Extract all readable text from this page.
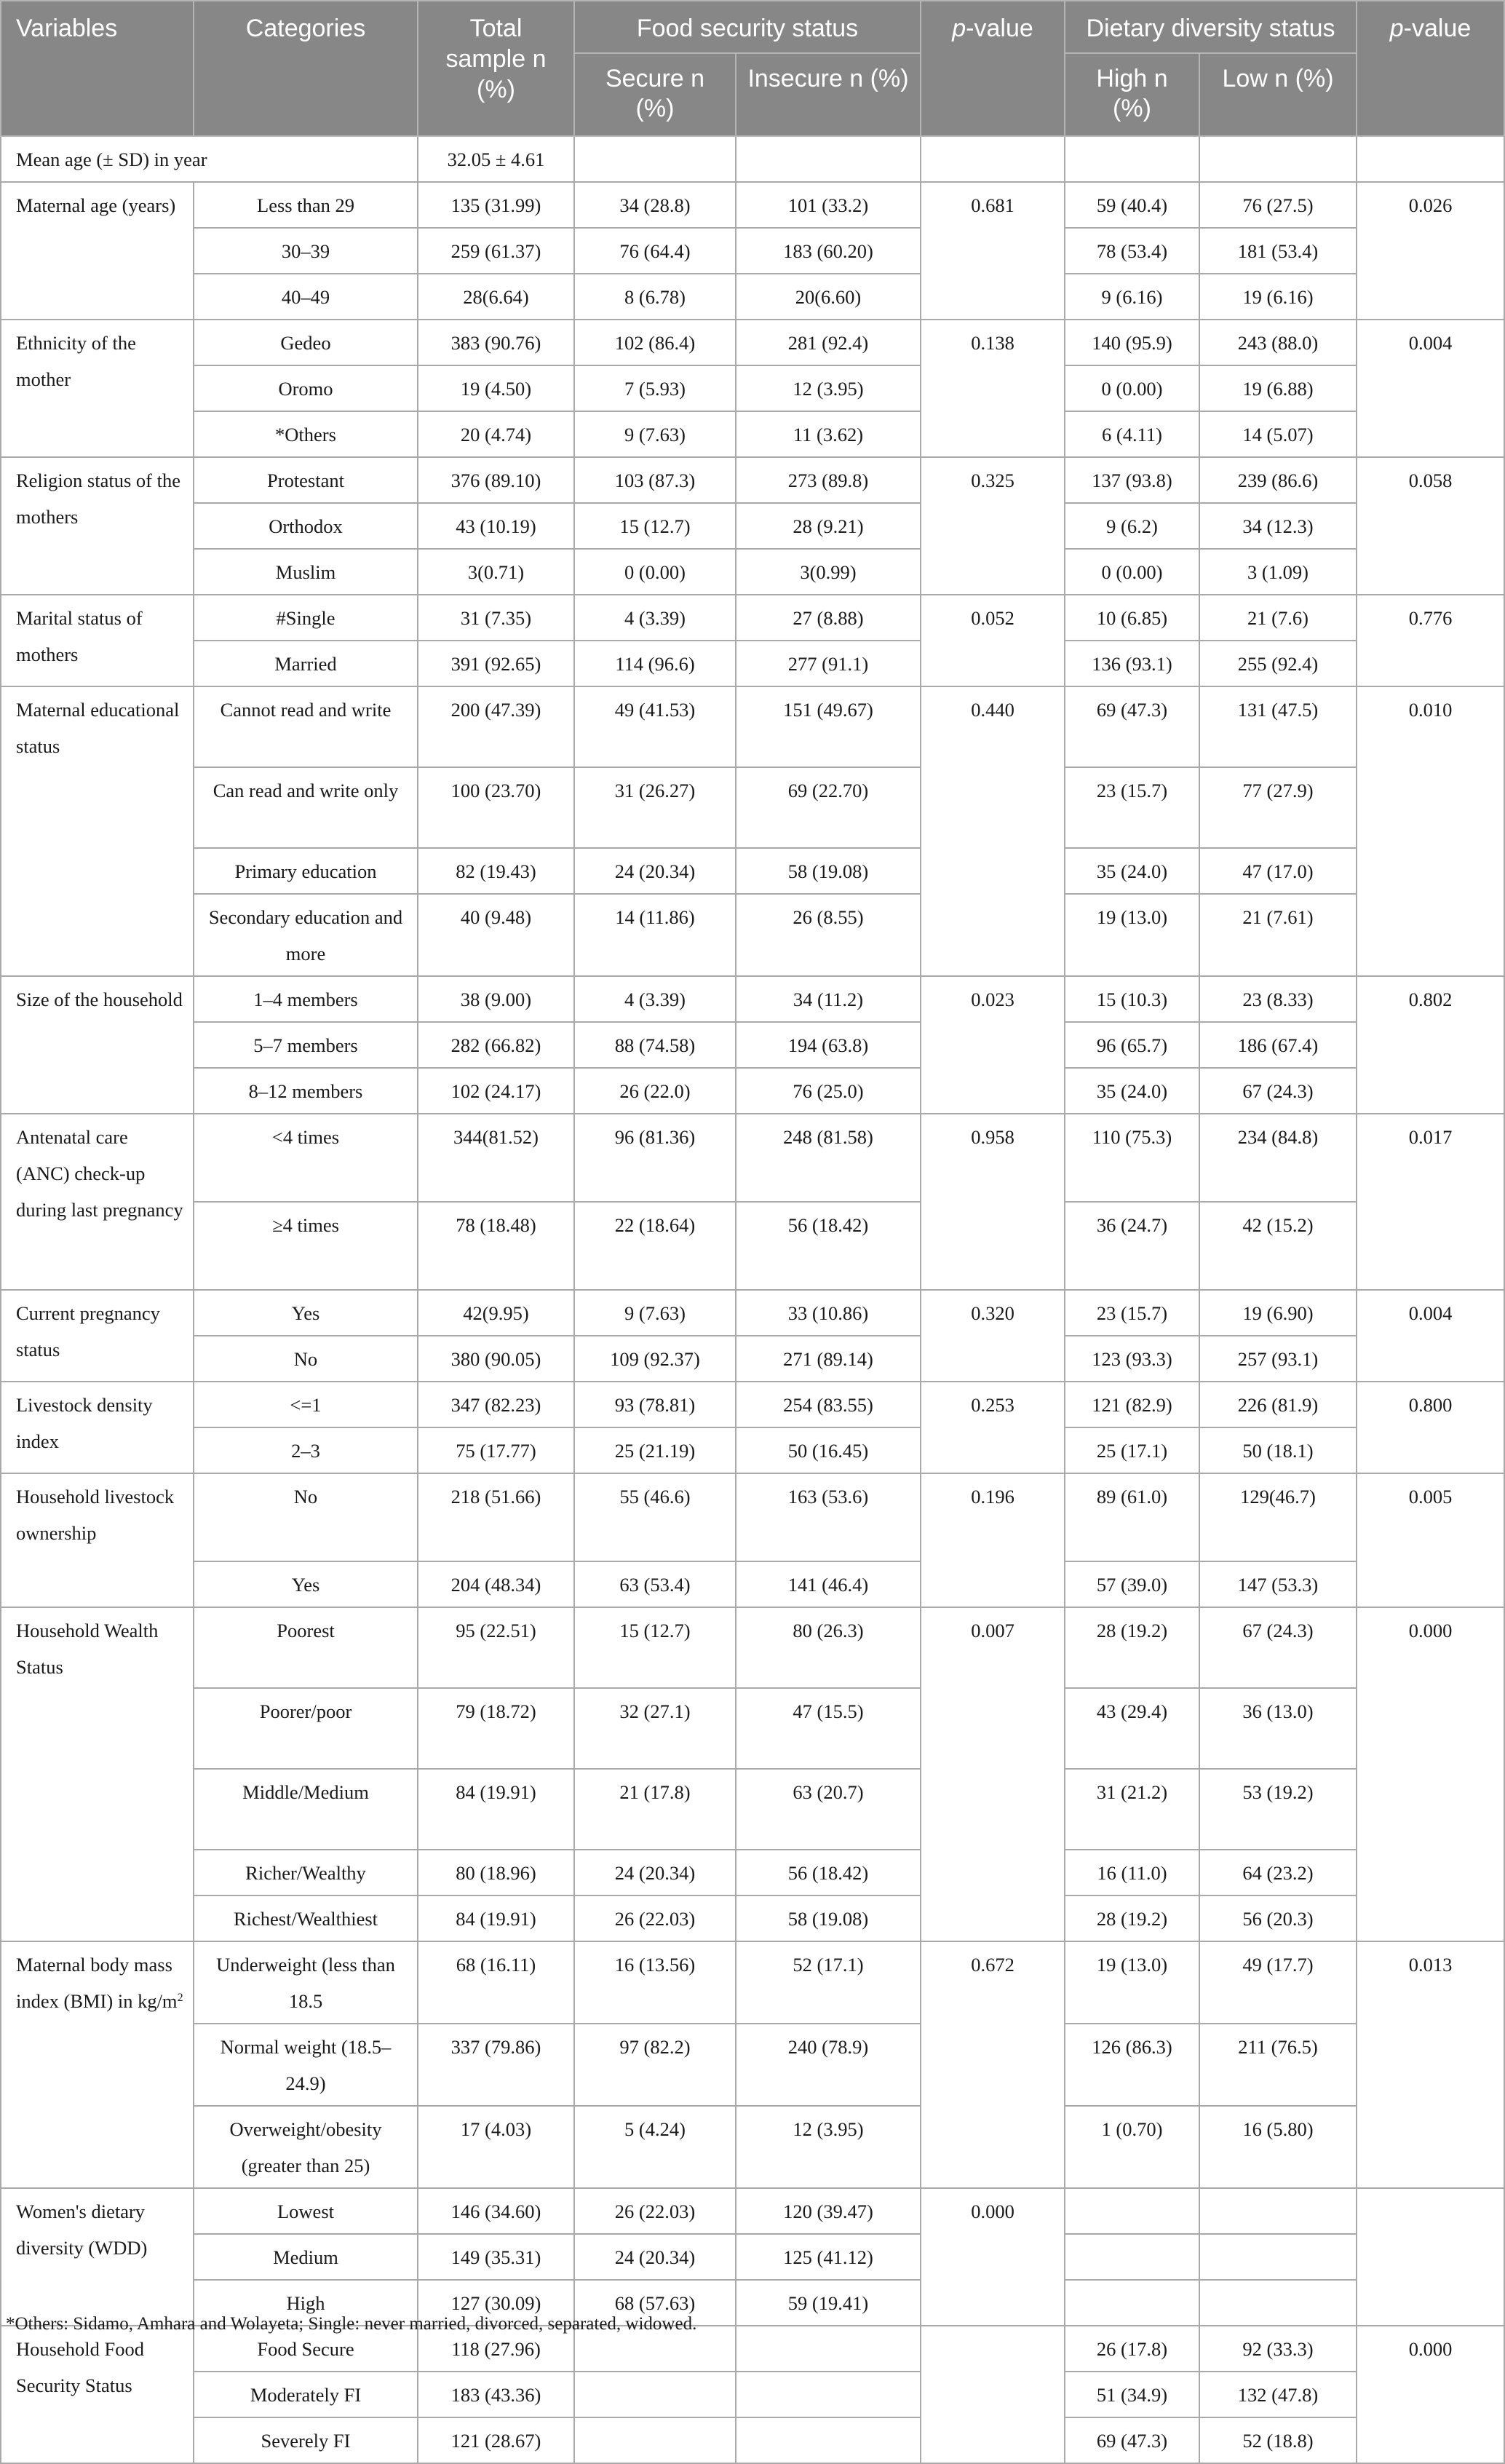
Variables	Categories	Total sample n (%)	Food security status		p-value	Dietary diversity status		p-value
			Secure n (%)	Insecure n (%)		High n (%)	Low n (%)	
Mean age (± SD) in year		32.05 ± 4.61						
Maternal age (years)	Less than 29	135 (31.99)	34 (28.8)	101 (33.2)	0.681	59 (40.4)	76 (27.5)	0.026
	30–39	259 (61.37)	76 (64.4)	183 (60.20)		78 (53.4)	181 (53.4)	
	40–49	28(6.64)	8 (6.78)	20(6.60)		9 (6.16)	19 (6.16)	
Ethnicity of the mother	Gedeo	383 (90.76)	102 (86.4)	281 (92.4)	0.138	140 (95.9)	243 (88.0)	0.004
	Oromo	19 (4.50)	7 (5.93)	12 (3.95)		0 (0.00)	19 (6.88)	
	*Others	20 (4.74)	9 (7.63)	11 (3.62)		6 (4.11)	14 (5.07)	
Religion status of the mothers	Protestant	376 (89.10)	103 (87.3)	273 (89.8)	0.325	137 (93.8)	239 (86.6)	0.058
	Orthodox	43 (10.19)	15 (12.7)	28 (9.21)		9 (6.2)	34 (12.3)	
	Muslim	3(0.71)	0 (0.00)	3(0.99)		0 (0.00)	3 (1.09)	
Marital status of mothers	#Single	31 (7.35)	4 (3.39)	27 (8.88)	0.052	10 (6.85)	21 (7.6)	0.776
	Married	391 (92.65)	114 (96.6)	277 (91.1)		136 (93.1)	255 (92.4)	
Maternal educational status	Cannot read and write	200 (47.39)	49 (41.53)	151 (49.67)	0.440	69 (47.3)	131 (47.5)	0.010
	Can read and write only	100 (23.70)	31 (26.27)	69 (22.70)		23 (15.7)	77 (27.9)	
	Primary education	82 (19.43)	24 (20.34)	58 (19.08)		35 (24.0)	47 (17.0)	
	Secondary education and more	40 (9.48)	14 (11.86)	26 (8.55)		19 (13.0)	21 (7.61)	
Size of the household	1–4 members	38 (9.00)	4 (3.39)	34 (11.2)	0.023	15 (10.3)	23 (8.33)	0.802
	5–7 members	282 (66.82)	88 (74.58)	194 (63.8)		96 (65.7)	186 (67.4)	
	8–12 members	102 (24.17)	26 (22.0)	76 (25.0)		35 (24.0)	67 (24.3)	
Antenatal care (ANC) check-up during last pregnancy	<4 times	344(81.52)	96 (81.36)	248 (81.58)	0.958	110 (75.3)	234 (84.8)	0.017
	≥4 times	78 (18.48)	22 (18.64)	56 (18.42)		36 (24.7)	42 (15.2)	
Current pregnancy status	Yes	42(9.95)	9 (7.63)	33 (10.86)	0.320	23 (15.7)	19 (6.90)	0.004
	No	380 (90.05)	109 (92.37)	271 (89.14)		123 (93.3)	257 (93.1)	
Livestock density index	<=1	347 (82.23)	93 (78.81)	254 (83.55)	0.253	121 (82.9)	226 (81.9)	0.800
	2–3	75 (17.77)	25 (21.19)	50 (16.45)		25 (17.1)	50 (18.1)	
Household livestock ownership	No	218 (51.66)	55 (46.6)	163 (53.6)	0.196	89 (61.0)	129(46.7)	0.005
	Yes	204 (48.34)	63 (53.4)	141 (46.4)		57 (39.0)	147 (53.3)	
Household Wealth Status	Poorest	95 (22.51)	15 (12.7)	80 (26.3)	0.007	28 (19.2)	67 (24.3)	0.000
	Poorer/poor	79 (18.72)	32 (27.1)	47 (15.5)		43 (29.4)	36 (13.0)	
	Middle/Medium	84 (19.91)	21 (17.8)	63 (20.7)		31 (21.2)	53 (19.2)	
	Richer/Wealthy	80 (18.96)	24 (20.34)	56 (18.42)		16 (11.0)	64 (23.2)	
	Richest/Wealthiest	84 (19.91)	26 (22.03)	58 (19.08)		28 (19.2)	56 (20.3)	
Maternal body mass index (BMI) in $kg/m^2$	Underweight (less than 18.5	68 (16.11)	16 (13.56)	52 (17.1)	0.672	19 (13.0)	49 (17.7)	0.013
	Normal weight (18.5–24.9)	337 (79.86)	97 (82.2)	240 (78.9)		126 (86.3)	211 (76.5)	
	Overweight/obesity (greater than 25)	17 (4.03)	5 (4.24)	12 (3.95)		1 (0.70)	16 (5.80)	
Women's dietary diversity (WDD)	Lowest	146 (34.60)	26 (22.03)	120 (39.47)	0.000			
	Medium	149 (35.31)	24 (20.34)	125 (41.12)				
	High	127 (30.09)	68 (57.63)	59 (19.41)				
Household Food Security Status	Food Secure	118 (27.96)				26 (17.8)	92 (33.3)	0.000
	Moderately FI	183 (43.36)				51 (34.9)	132 (47.8)	
	Severely FI	121 (28.67)				69 (47.3)	52 (18.8)	
*Others: Sidamo, Amhara and Wolayeta; Single: never married, divorced, separated, widowed.
